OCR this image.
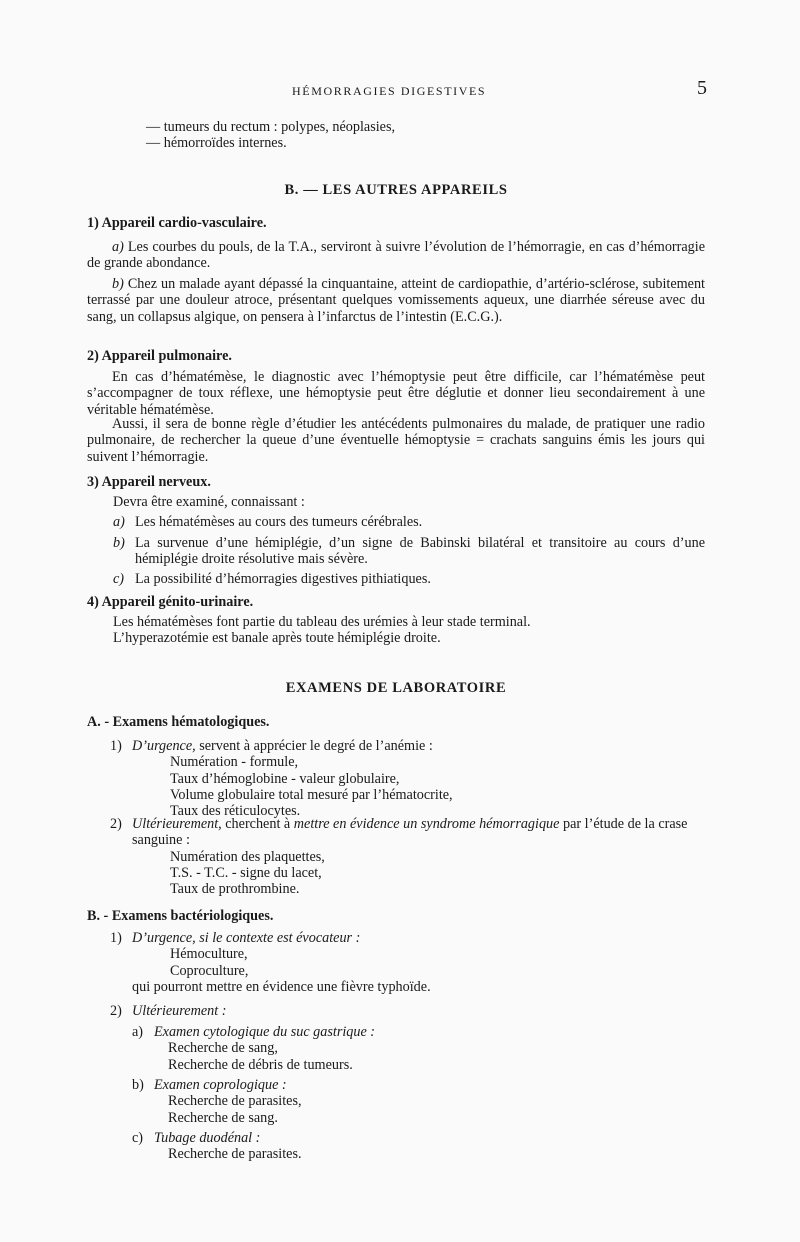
HÉMORRAGIES DIGESTIVES	5

— tumeurs du rectum : polypes, néoplasies,

— hémorroïdes internes.

B. — LES AUTRES APPAREILS
1) Appareil cardio-vasculaire.

a) Les courbes du pouls, de la T.A., serviront à suivre l’évolution de l’hémorragie, en cas d’hémorragie de grande abondance.

b) Chez un malade ayant dépassé la cinquantaine, atteint de cardiopathie, d’artério-sclérose, subitement terrassé par une douleur atroce, présentant quelques vomissements aqueux, une diarrhée séreuse avec du sang, un collapsus algique, on pensera à l’infarctus de l’intestin (E.C.G.).

2) Appareil pulmonaire.

En cas d’hématémèse, le diagnostic avec l’hémoptysie peut être difficile, car l’hématémèse peut s’accompagner de toux réflexe, une hémoptysie peut être déglutie et donner lieu secondairement à une véritable hématémèse.

Aussi, il sera de bonne règle d’étudier les antécédents pulmonaires du malade, de pratiquer une radio pulmonaire, de rechercher la queue d’une éventuelle hémoptysie = crachats sanguins émis les jours qui suivent l’hémorragie.

3) Appareil nerveux.

Devra être examiné, connaissant :

a) Les hématémèses au cours des tumeurs cérébrales.
b) La survenue d’une hémiplégie, d’un signe de Babinski bilatéral et transitoire au cours d’une hémiplégie droite résolutive mais sévère.
c) La possibilité d’hémorragies digestives pithiatiques.
4) Appareil génito-urinaire.

Les hématémèses font partie du tableau des urémies à leur stade terminal.

L’hyperazotémie est banale après toute hémiplégie droite.

EXAMENS DE LABORATOIRE
A. - Examens hématologiques.
1) D’urgence, servent à apprécier le degré de l’anémie :

Numération - formule,

Taux d’hémoglobine - valeur globulaire,

Volume globulaire total mesuré par l’hématocrite,

Taux des réticulocytes.

2) Ultérieurement, cherchent à mettre en évidence un syndrome hémorragique par l’étude de la crase sanguine :

Numération des plaquettes,

T.S. - T.C. - signe du lacet,

Taux de prothrombine.

B. - Examens bactériologiques.
1) D’urgence, si le contexte est évocateur :

Hémoculture,

Coproculture,

qui pourront mettre en évidence une fièvre typhoïde.

2) Ultérieurement :

a) Examen cytologique du suc gastrique :

Recherche de sang,

Recherche de débris de tumeurs.

b) Examen coprologique :

Recherche de parasites,

Recherche de sang.

c) Tubage duodénal :

Recherche de parasites.
